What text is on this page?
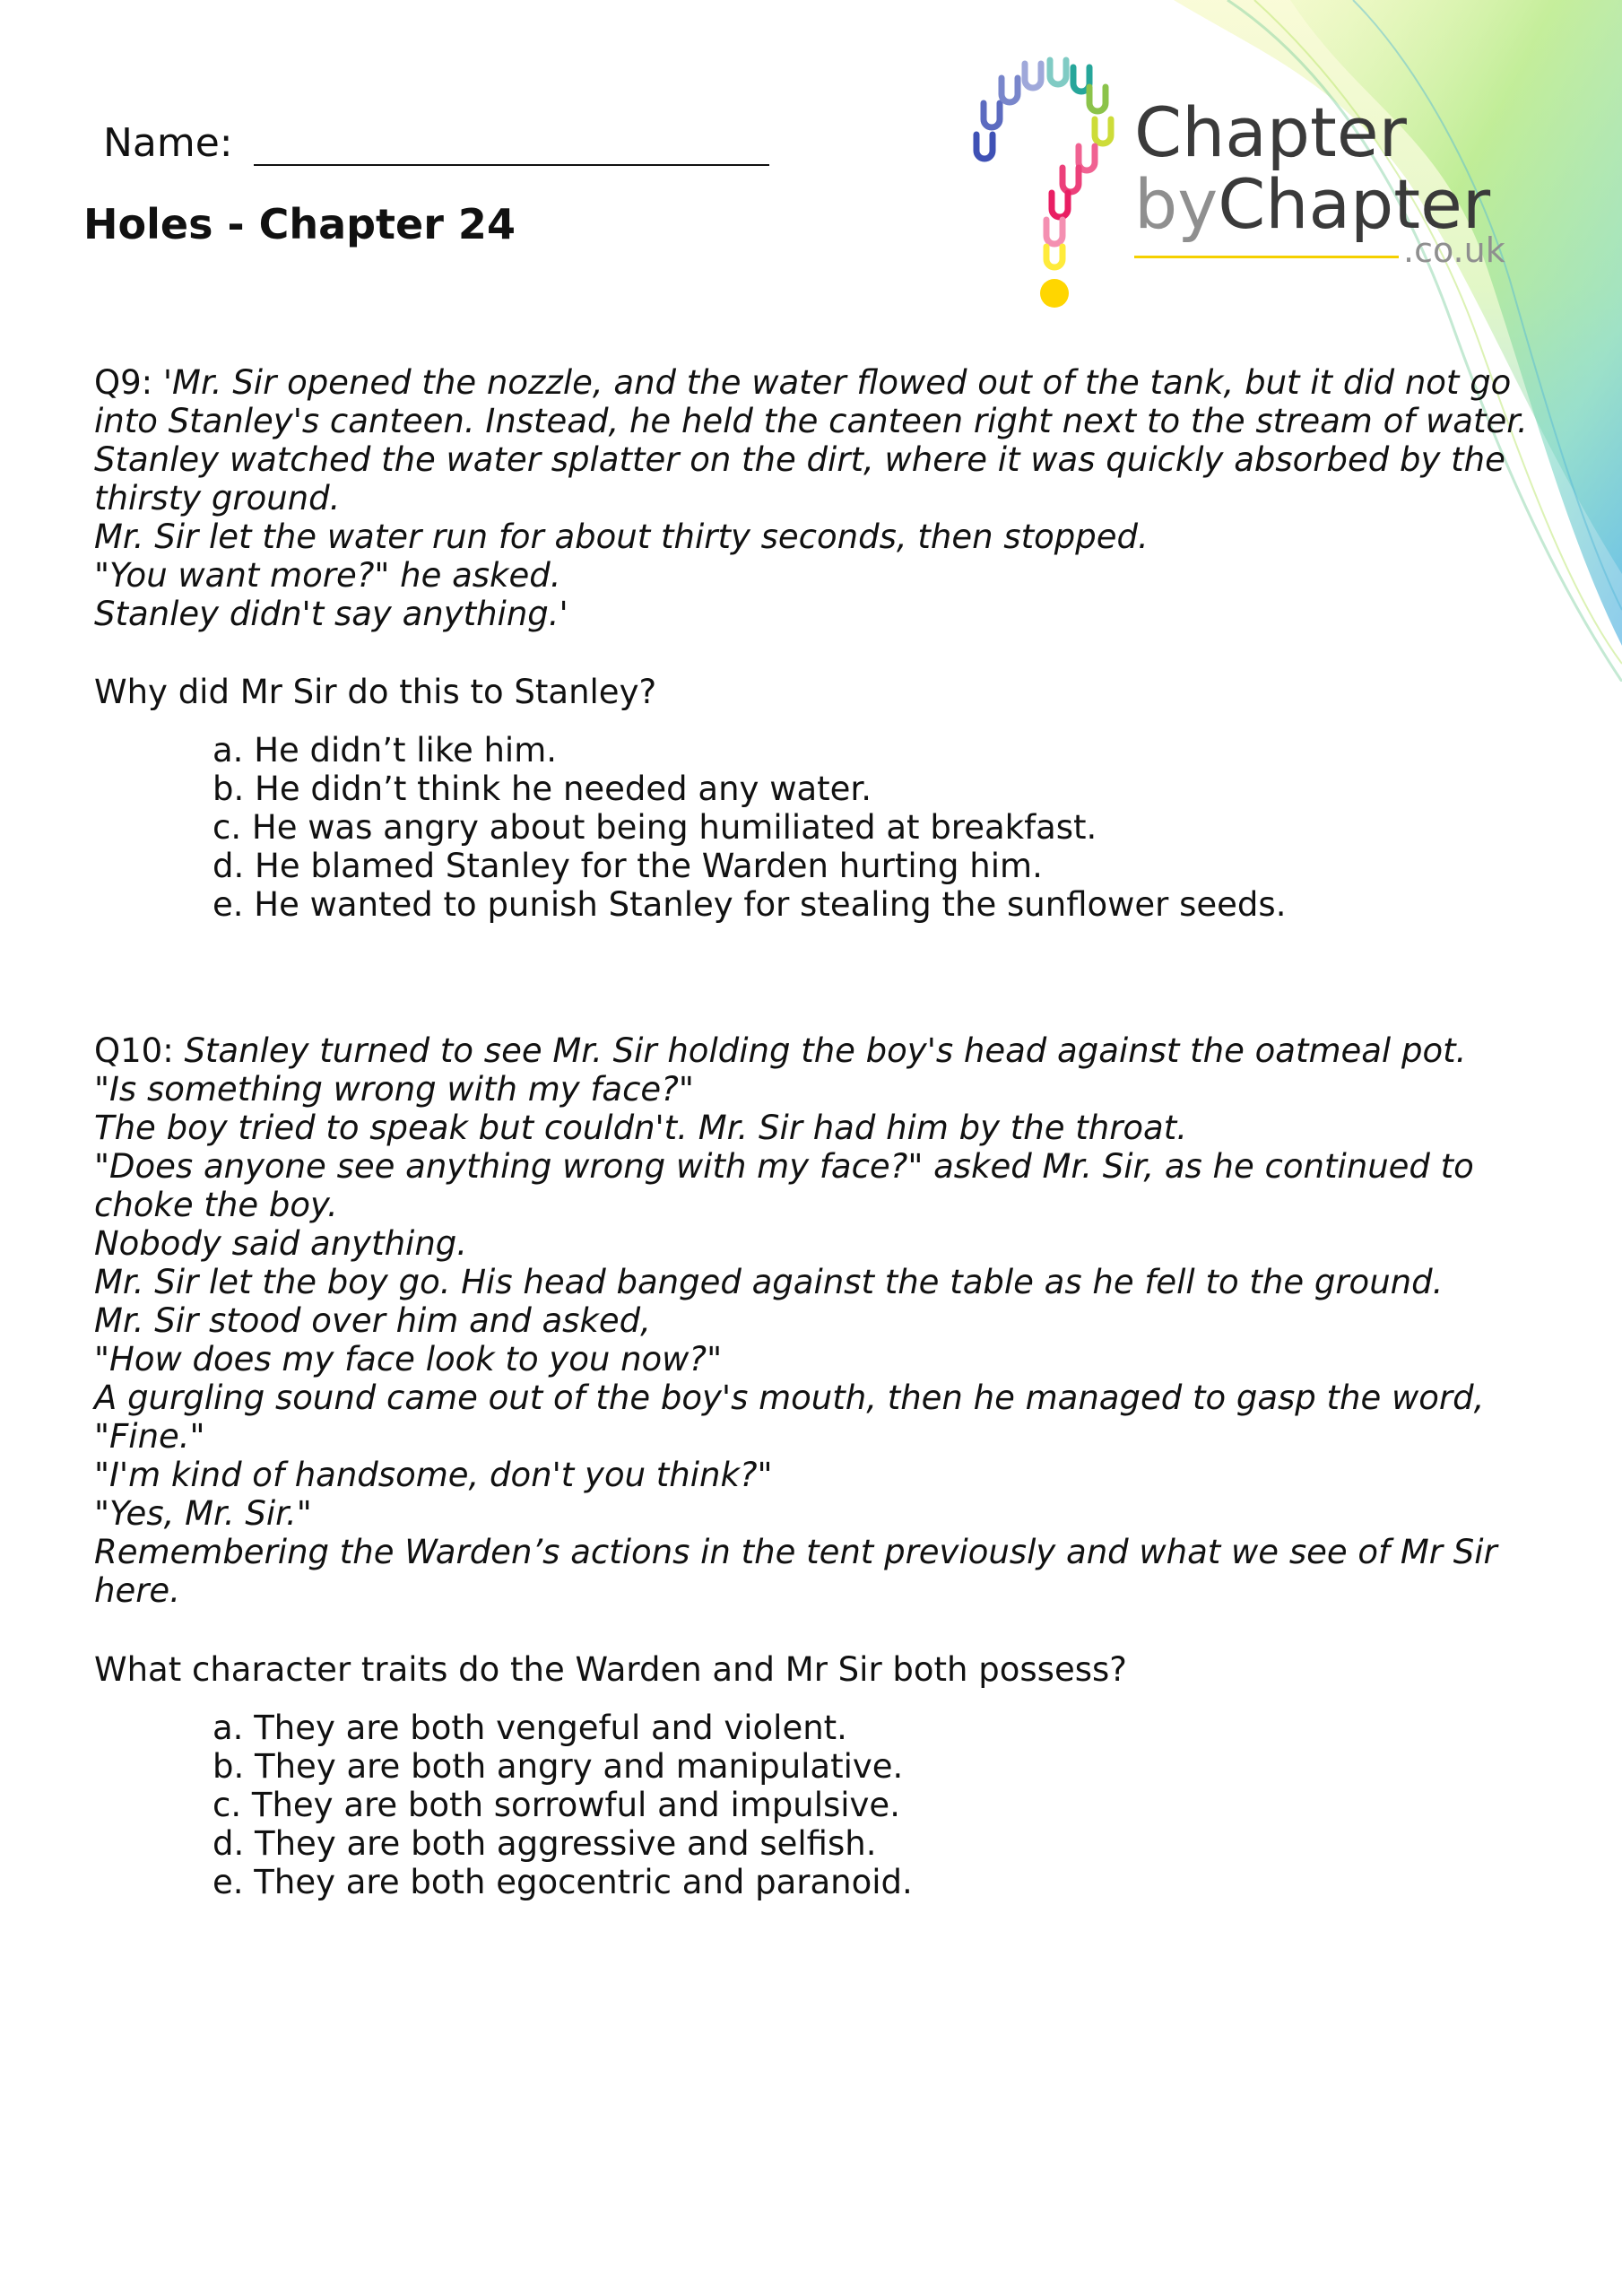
Chapter
byChapter
.co.uk
Name:
Holes - Chapter 24
Q9: 'Mr. Sir opened the nozzle, and the water flowed out of the tank, but it did not go
into Stanley's canteen. Instead, he held the canteen right next to the stream of water.
Stanley watched the water splatter on the dirt, where it was quickly absorbed by the
thirsty ground.
Mr. Sir let the water run for about thirty seconds, then stopped.
"You want more?" he asked.
Stanley didn't say anything.'
Why did Mr Sir do this to Stanley?
a. He didn’t like him.
b. He didn’t think he needed any water.
c. He was angry about being humiliated at breakfast.
d. He blamed Stanley for the Warden hurting him.
e. He wanted to punish Stanley for stealing the sunflower seeds.
Q10: Stanley turned to see Mr. Sir holding the boy's head against the oatmeal pot.
"Is something wrong with my face?"
The boy tried to speak but couldn't. Mr. Sir had him by the throat.
"Does anyone see anything wrong with my face?" asked Mr. Sir, as he continued to
choke the boy.
Nobody said anything.
Mr. Sir let the boy go. His head banged against the table as he fell to the ground.
Mr. Sir stood over him and asked,
"How does my face look to you now?"
A gurgling sound came out of the boy's mouth, then he managed to gasp the word,
"Fine."
"I'm kind of handsome, don't you think?"
"Yes, Mr. Sir."
Remembering the Warden’s actions in the tent previously and what we see of Mr Sir
here.
What character traits do the Warden and Mr Sir both possess?
a. They are both vengeful and violent.
b. They are both angry and manipulative.
c. They are both sorrowful and impulsive.
d. They are both aggressive and selfish.
e. They are both egocentric and paranoid.
